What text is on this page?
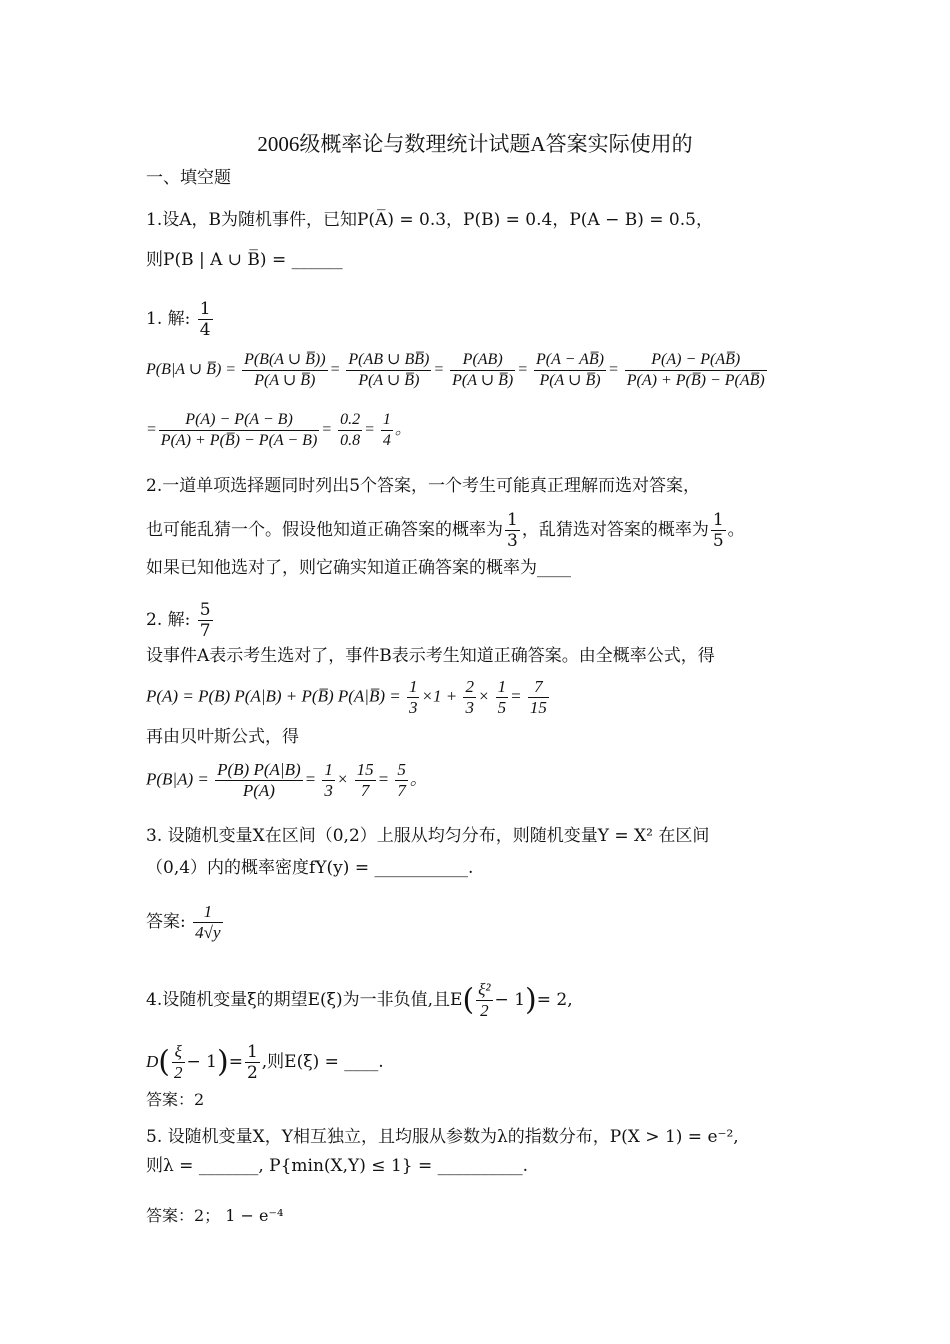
2006级概率论与数理统计试题A答案实际使用的
一、填空题
1.设A，B为随机事件，已知P(A̅) = 0.3，P(B) = 0.4，P(A − B) = 0.5，
则P(B | A ∪ B̅) = ______
1. 解: $\frac{1}{4}$
P(B|A ∪ B̅) = $\frac{P(B(A \cup B̅))}{P(A \cup B̅)} = \frac{P(AB \cup BB̅)}{P(A \cup B̅)} = \frac{P(AB)}{P(A \cup B̅)} = \frac{P(A - AB̅)}{P(A \cup B̅)} = \frac{P(A) - P(AB̅)}{P(A) + P(B̅) - P(AB̅)}$
= $\frac{P(A) - P(A - B)}{P(A) + P(B̅) - P(A - B)} = \frac{0.2}{0.8} = \frac{1}{4}$ 。
2.一道单项选择题同时列出5个答案，一个考生可能真正理解而选对答案，
也可能乱猜一个。假设他知道正确答案的概率为 $\frac{1}{3}$ ，乱猜选对答案的概率为 $\frac{1}{5}$ 。
如果已知他选对了，则它确实知道正确答案的概率为____
2. 解: $\frac{5}{7}$
设事件A表示考生选对了，事件B表示考生知道正确答案。由全概率公式，得
P(A) = P(B) P(A|B) + P(B̅) P(A|B̅) = $\frac{1}{3} \times 1 + \frac{2}{3} \times \frac{1}{5} = \frac{7}{15}$
再由贝叶斯公式，得
$P(B|A) = \frac{P(B) P(A|B)}{P(A)} = \frac{1}{3} \times \frac{15}{7} = \frac{5}{7}$ 。
3. 设随机变量X在区间（0,2）上服从均匀分布，则随机变量Y = X² 在区间
（0,4）内的概率密度fY(y) = ___________.
答案: $\frac{1}{4√y}$
4.设随机变量ξ的期望E(ξ)为一非负值,且$E( \frac{\text{ξ²}}{2} - 1)= 2$,
$D( \frac{\xi}{2} - 1)= \frac{1}{2}$ ,则E(ξ) = ____.
答案：2
5. 设随机变量X，Y相互独立，且均服从参数为λ的指数分布，P(X > 1) = e⁻²,
则λ = _______, P{min(X,Y) ≤ 1} = __________.
答案：2； 1 − e⁻⁴
